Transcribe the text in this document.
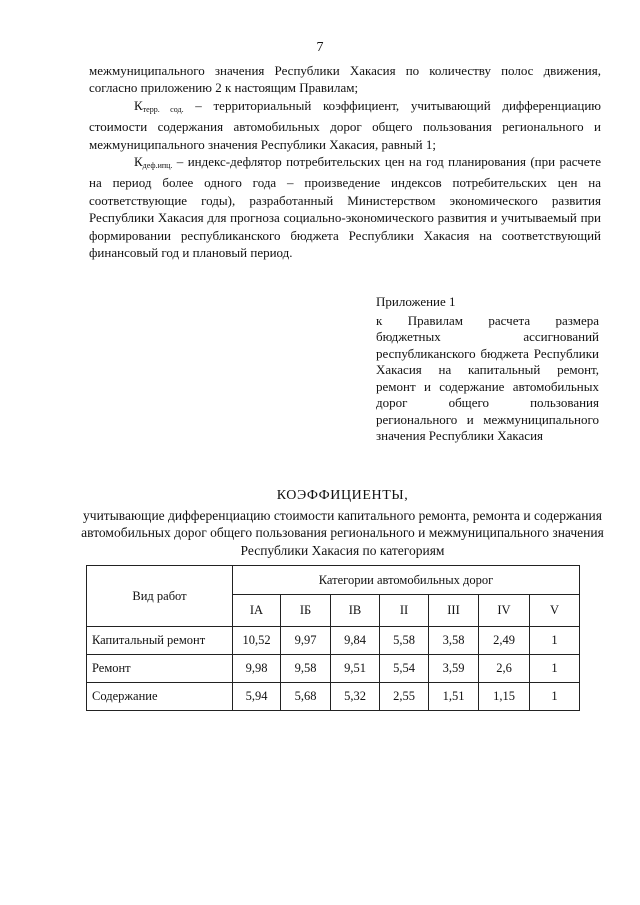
7

межмуниципального значения Республики Хакасия по количеству полос движения, согласно приложению 2 к настоящим Правилам;

$К_{терр. сод.}$ – территориальный коэффициент, учитывающий дифференциацию стоимости содержания автомобильных дорог общего пользования регионального и межмуниципального значения Республики Хакасия, равный 1;

$К_{деф.ипц.}$ – индекс-дефлятор потребительских цен на год планирования (при расчете на период более одного года – произведение индексов потребительских цен на соответствующие годы), разработанный Министерством экономического развития Республики Хакасия для прогноза социально-экономического развития и учитываемый при формировании республиканского бюджета Республики Хакасия на соответствующий финансовый год и плановый период.

Приложение 1

к Правилам расчета размера бюджетных ассигнований республиканского бюджета Республики Хакасия на капитальный ремонт, ремонт и содержание автомобильных дорог общего пользования регионального и межмуниципального значения Республики Хакасия

КОЭФФИЦИЕНТЫ,

учитывающие дифференциацию стоимости капитального ремонта, ремонта и содержания автомобильных дорог общего пользования регионального и межмуниципального значения Республики Хакасия по категориям

Вид работ	Категории автомобильных дорог						
	IА	IБ	IВ	II	III	IV	V
Капитальный ремонт	10,52	9,97	9,84	5,58	3,58	2,49	1
Ремонт	9,98	9,58	9,51	5,54	3,59	2,6	1
Содержание	5,94	5,68	5,32	2,55	1,51	1,15	1
